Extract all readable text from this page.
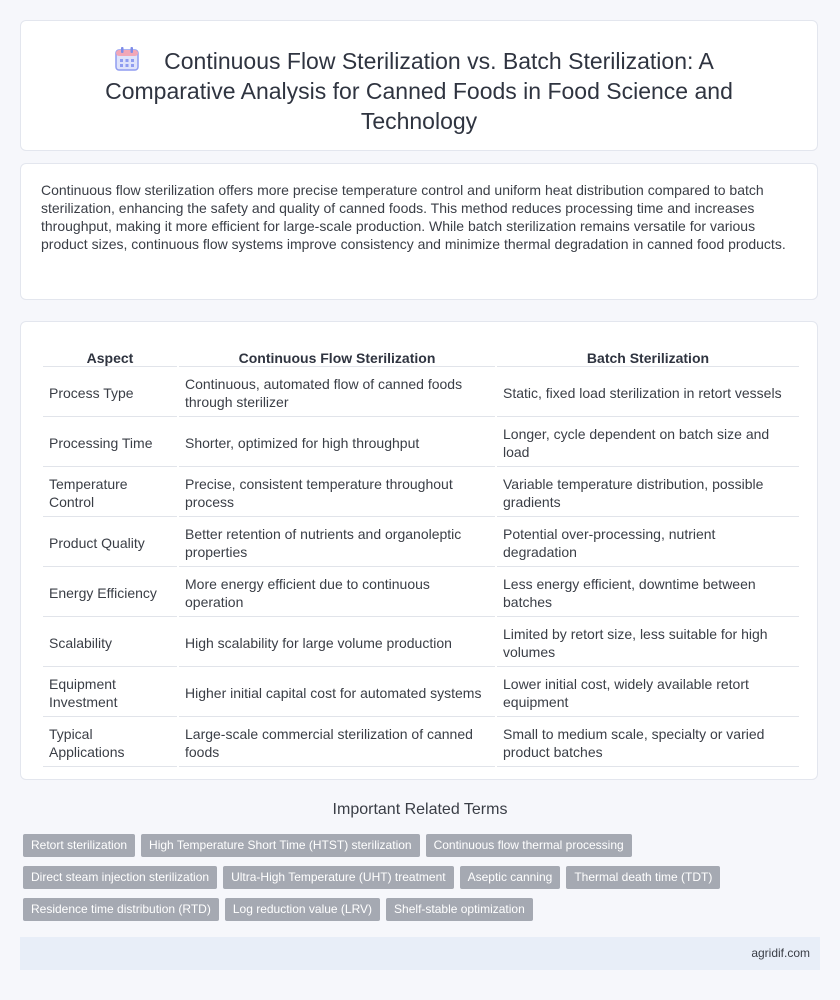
Continuous Flow Sterilization vs. Batch Sterilization: A Comparative Analysis for Canned Foods in Food Science and Technology

Continuous flow sterilization offers more precise temperature control and uniform heat distribution compared to batch sterilization, enhancing the safety and quality of canned foods. This method reduces processing time and increases throughput, making it more efficient for large-scale production. While batch sterilization remains versatile for various product sizes, continuous flow systems improve consistency and minimize thermal degradation in canned food products.

Aspect	Continuous Flow Sterilization	Batch Sterilization
Process Type	Continuous, automated flow of canned foods through sterilizer	Static, fixed load sterilization in retort vessels
Processing Time	Shorter, optimized for high throughput	Longer, cycle dependent on batch size and load
Temperature Control	Precise, consistent temperature throughout process	Variable temperature distribution, possible gradients
Product Quality	Better retention of nutrients and organoleptic properties	Potential over-processing, nutrient degradation
Energy Efficiency	More energy efficient due to continuous operation	Less energy efficient, downtime between batches
Scalability	High scalability for large volume production	Limited by retort size, less suitable for high volumes
Equipment Investment	Higher initial capital cost for automated systems	Lower initial cost, widely available retort equipment
Typical Applications	Large-scale commercial sterilization of canned foods	Small to medium scale, specialty or varied product batches
Important Related Terms
Retort sterilization	High Temperature Short Time (HTST) sterilization	Continuous flow thermal processing
Direct steam injection sterilization	Ultra-High Temperature (UHT) treatment	Aseptic canning	Thermal death time (TDT)
Residence time distribution (RTD)	Log reduction value (LRV)	Shelf-stable optimization
agridif.com
